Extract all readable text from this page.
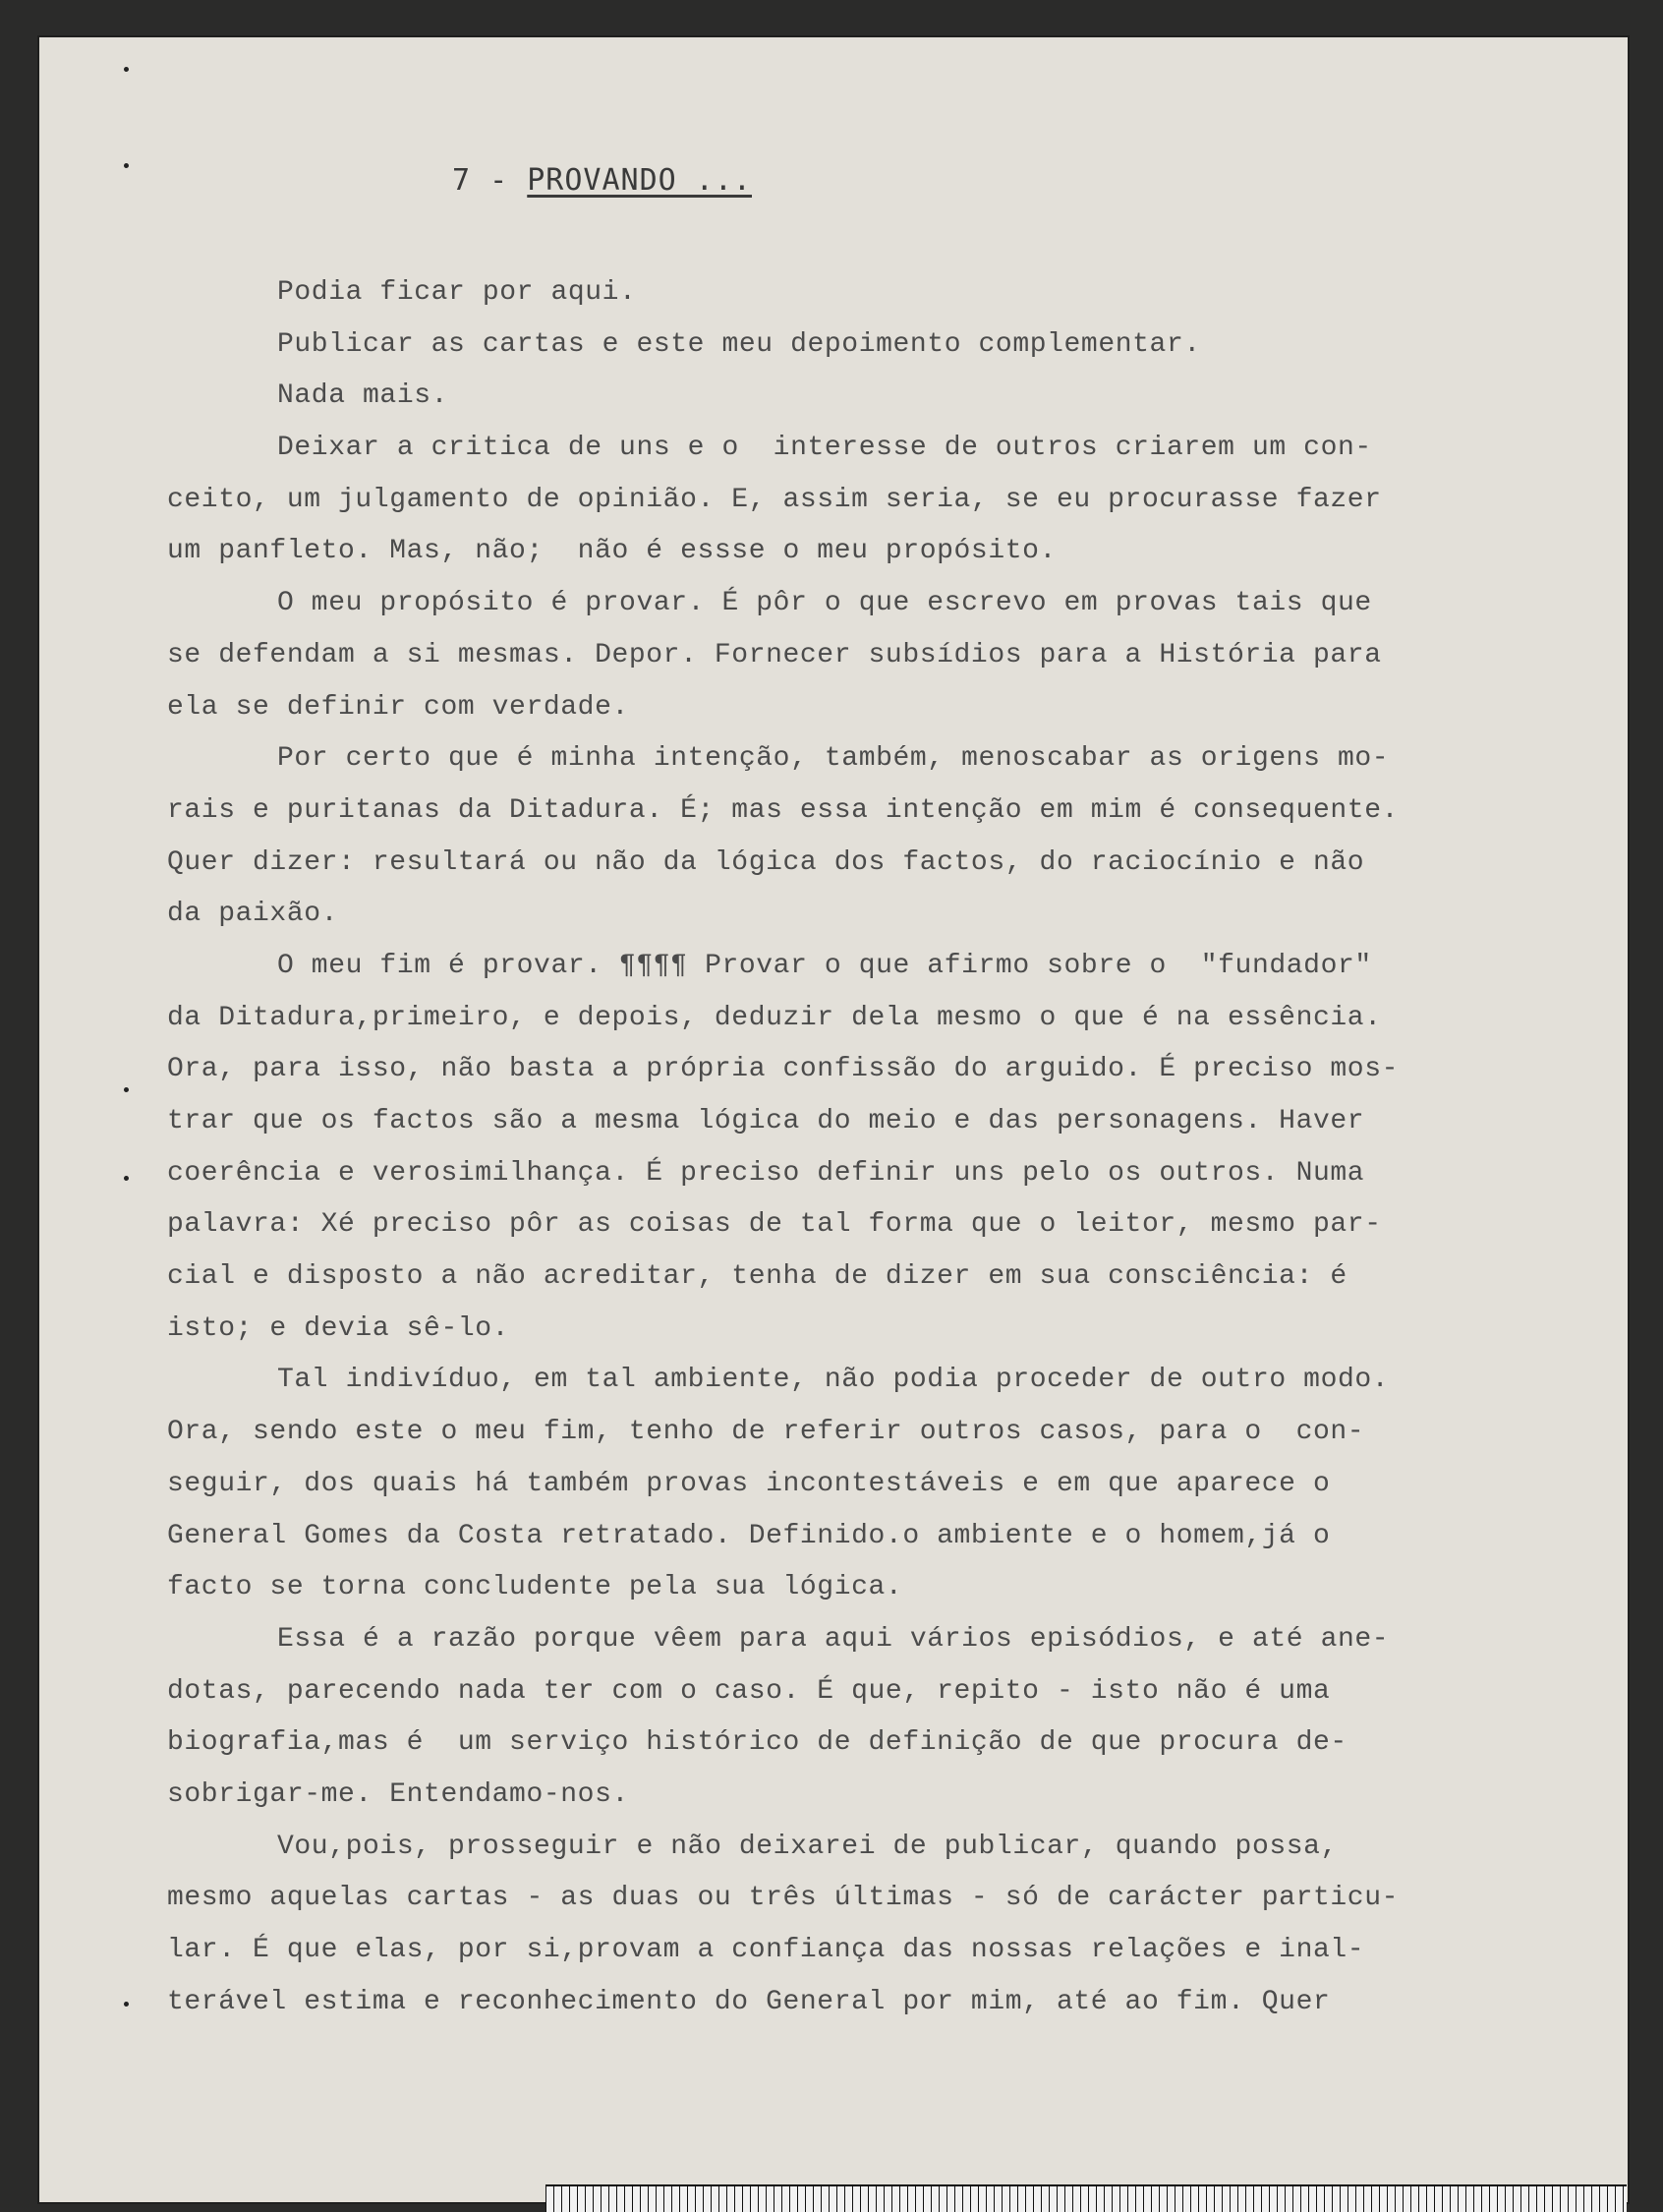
7 - PROVANDO ...
Podia ficar por aqui.
Publicar as cartas e este meu depoimento complementar.
Nada mais.
Deixar a critica de uns e o  interesse de outros criarem um con-
ceito, um julgamento de opinião. E, assim seria, se eu procurasse fazer
um panfleto. Mas, não;  não é essse o meu propósito.
O meu propósito é provar. É pôr o que escrevo em provas tais que
se defendam a si mesmas. Depor. Fornecer subsídios para a História para
ela se definir com verdade.
Por certo que é minha intenção, também, menoscabar as origens mo-
rais e puritanas da Ditadura. É; mas essa intenção em mim é consequente.
Quer dizer: resultará ou não da lógica dos factos, do raciocínio e não
da paixão.
O meu fim é provar. ¶¶¶¶ Provar o que afirmo sobre o  "fundador"
da Ditadura,primeiro, e depois, deduzir dela mesmo o que é na essência.
Ora, para isso, não basta a própria confissão do arguido. É preciso mos-
trar que os factos são a mesma lógica do meio e das personagens. Haver
coerência e verosimilhança. É preciso definir uns pelo os outros. Numa
palavra: Xé preciso pôr as coisas de tal forma que o leitor, mesmo par-
cial e disposto a não acreditar, tenha de dizer em sua consciência: é
isto; e devia sê-lo.
Tal indivíduo, em tal ambiente, não podia proceder de outro modo.
Ora, sendo este o meu fim, tenho de referir outros casos, para o  con-
seguir, dos quais há também provas incontestáveis e em que aparece o
General Gomes da Costa retratado. Definido.o ambiente e o homem,já o
facto se torna concludente pela sua lógica.
Essa é a razão porque vêem para aqui vários episódios, e até ane-
dotas, parecendo nada ter com o caso. É que, repito - isto não é uma
biografia,mas é  um serviço histórico de definição de que procura de-
sobrigar-me. Entendamo-nos.
Vou,pois, prosseguir e não deixarei de publicar, quando possa,
mesmo aquelas cartas - as duas ou três últimas - só de carácter particu-
lar. É que elas, por si,provam a confiança das nossas relações e inal-
terável estima e reconhecimento do General por mim, até ao fim. Quer
